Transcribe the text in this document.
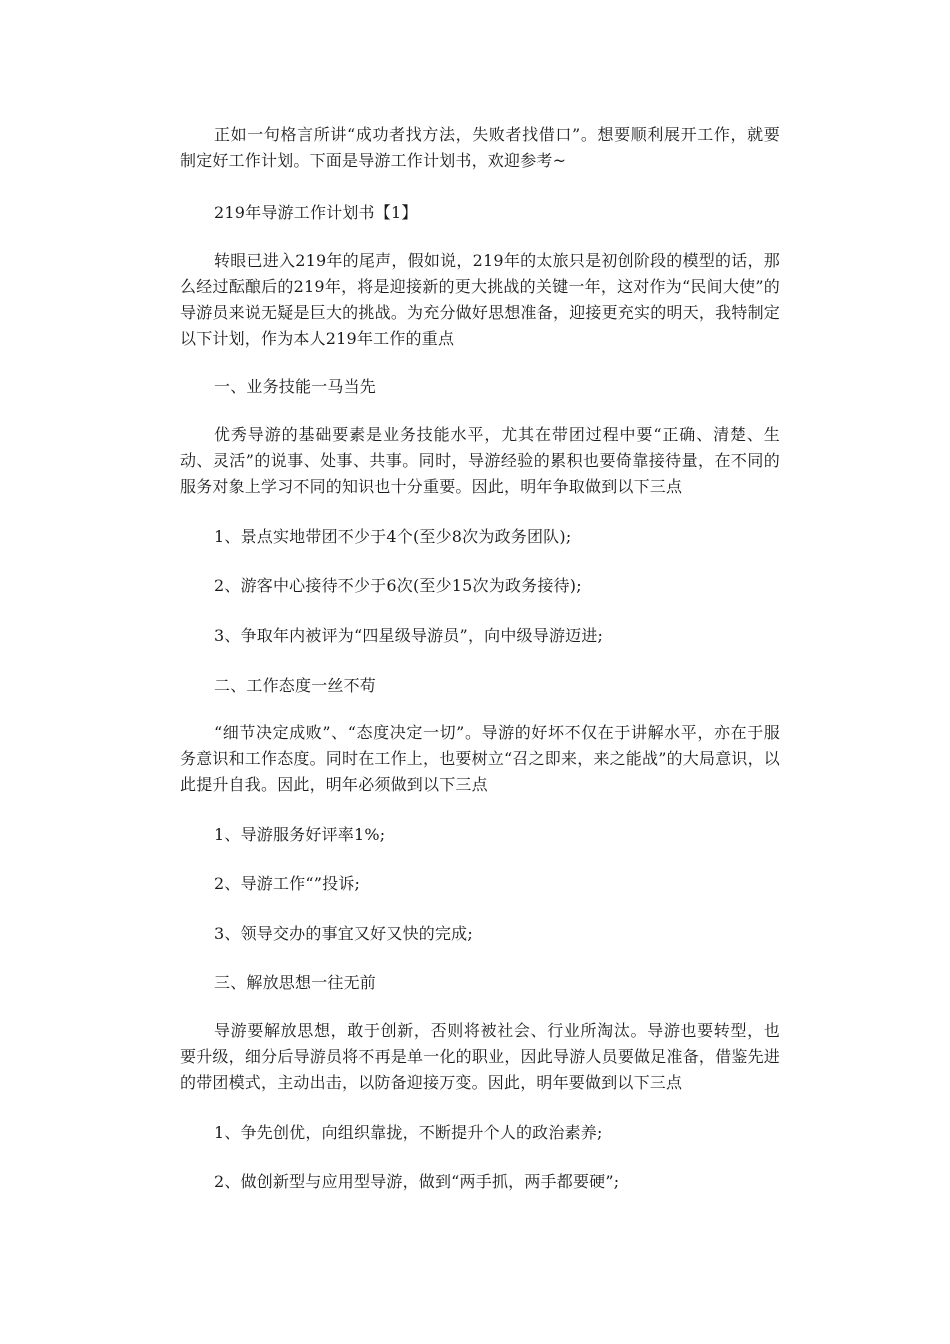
正如一句格言所讲“成功者找方法，失败者找借口”。想要顺利展开工作，就要制定好工作计划。下面是导游工作计划书，欢迎参考~

219年导游工作计划书【1】

转眼已进入219年的尾声，假如说，219年的太旅只是初创阶段的模型的话，那么经过酝酿后的219年，将是迎接新的更大挑战的关键一年，这对作为“民间大使”的导游员来说无疑是巨大的挑战。为充分做好思想准备，迎接更充实的明天，我特制定以下计划，作为本人219年工作的重点

一、业务技能一马当先

优秀导游的基础要素是业务技能水平，尤其在带团过程中要“正确、清楚、生动、灵活”的说事、处事、共事。同时，导游经验的累积也要倚靠接待量，在不同的服务对象上学习不同的知识也十分重要。因此，明年争取做到以下三点

1、景点实地带团不少于4个(至少8次为政务团队);

2、游客中心接待不少于6次(至少15次为政务接待);

3、争取年内被评为“四星级导游员”，向中级导游迈进;

二、工作态度一丝不苟

“细节决定成败”、“态度决定一切”。导游的好坏不仅在于讲解水平，亦在于服务意识和工作态度。同时在工作上，也要树立“召之即来，来之能战”的大局意识，以此提升自我。因此，明年必须做到以下三点

1、导游服务好评率1%;

2、导游工作“”投诉;

3、领导交办的事宜又好又快的完成;

三、解放思想一往无前

导游要解放思想，敢于创新，否则将被社会、行业所淘汰。导游也要转型，也要升级，细分后导游员将不再是单一化的职业，因此导游人员要做足准备，借鉴先进的带团模式，主动出击，以防备迎接万变。因此，明年要做到以下三点

1、争先创优，向组织靠拢，不断提升个人的政治素养;

2、做创新型与应用型导游，做到“两手抓，两手都要硬”;
